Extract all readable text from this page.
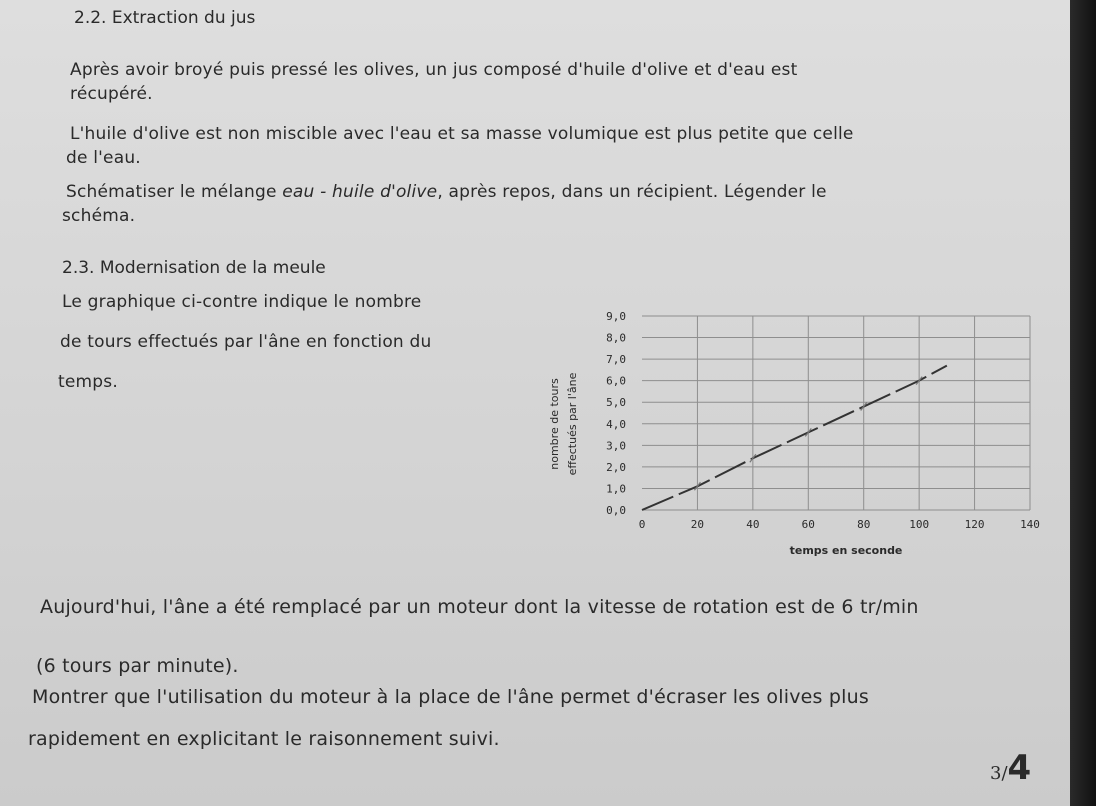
2.2. Extraction du jus

Après avoir broyé puis pressé les olives, un jus composé d'huile d'olive et d'eau est

récupéré.

L'huile d'olive est non miscible avec l'eau et sa masse volumique est plus petite que celle

de l'eau.

Schématiser le mélange eau - huile d'olive, après repos, dans un récipient. Légender le

schéma.

2.3. Modernisation de la meule

Le graphique ci-contre indique le nombre

de tours effectués par l'âne en fonction du

temps.

0,0
1,0
2,0
3,0
4,0
5,0
6,0
7,0
8,0
9,0
0	20	40	60	80	100	120	140
nombre de tours effectués par l'âne
temps en seconde

Aujourd'hui, l'âne a été remplacé par un moteur dont la vitesse de rotation est de 6 tr/min

(6 tours par minute).

Montrer que l'utilisation du moteur à la place de l'âne permet d'écraser les olives plus

rapidement en explicitant le raisonnement suivi.

3/4
